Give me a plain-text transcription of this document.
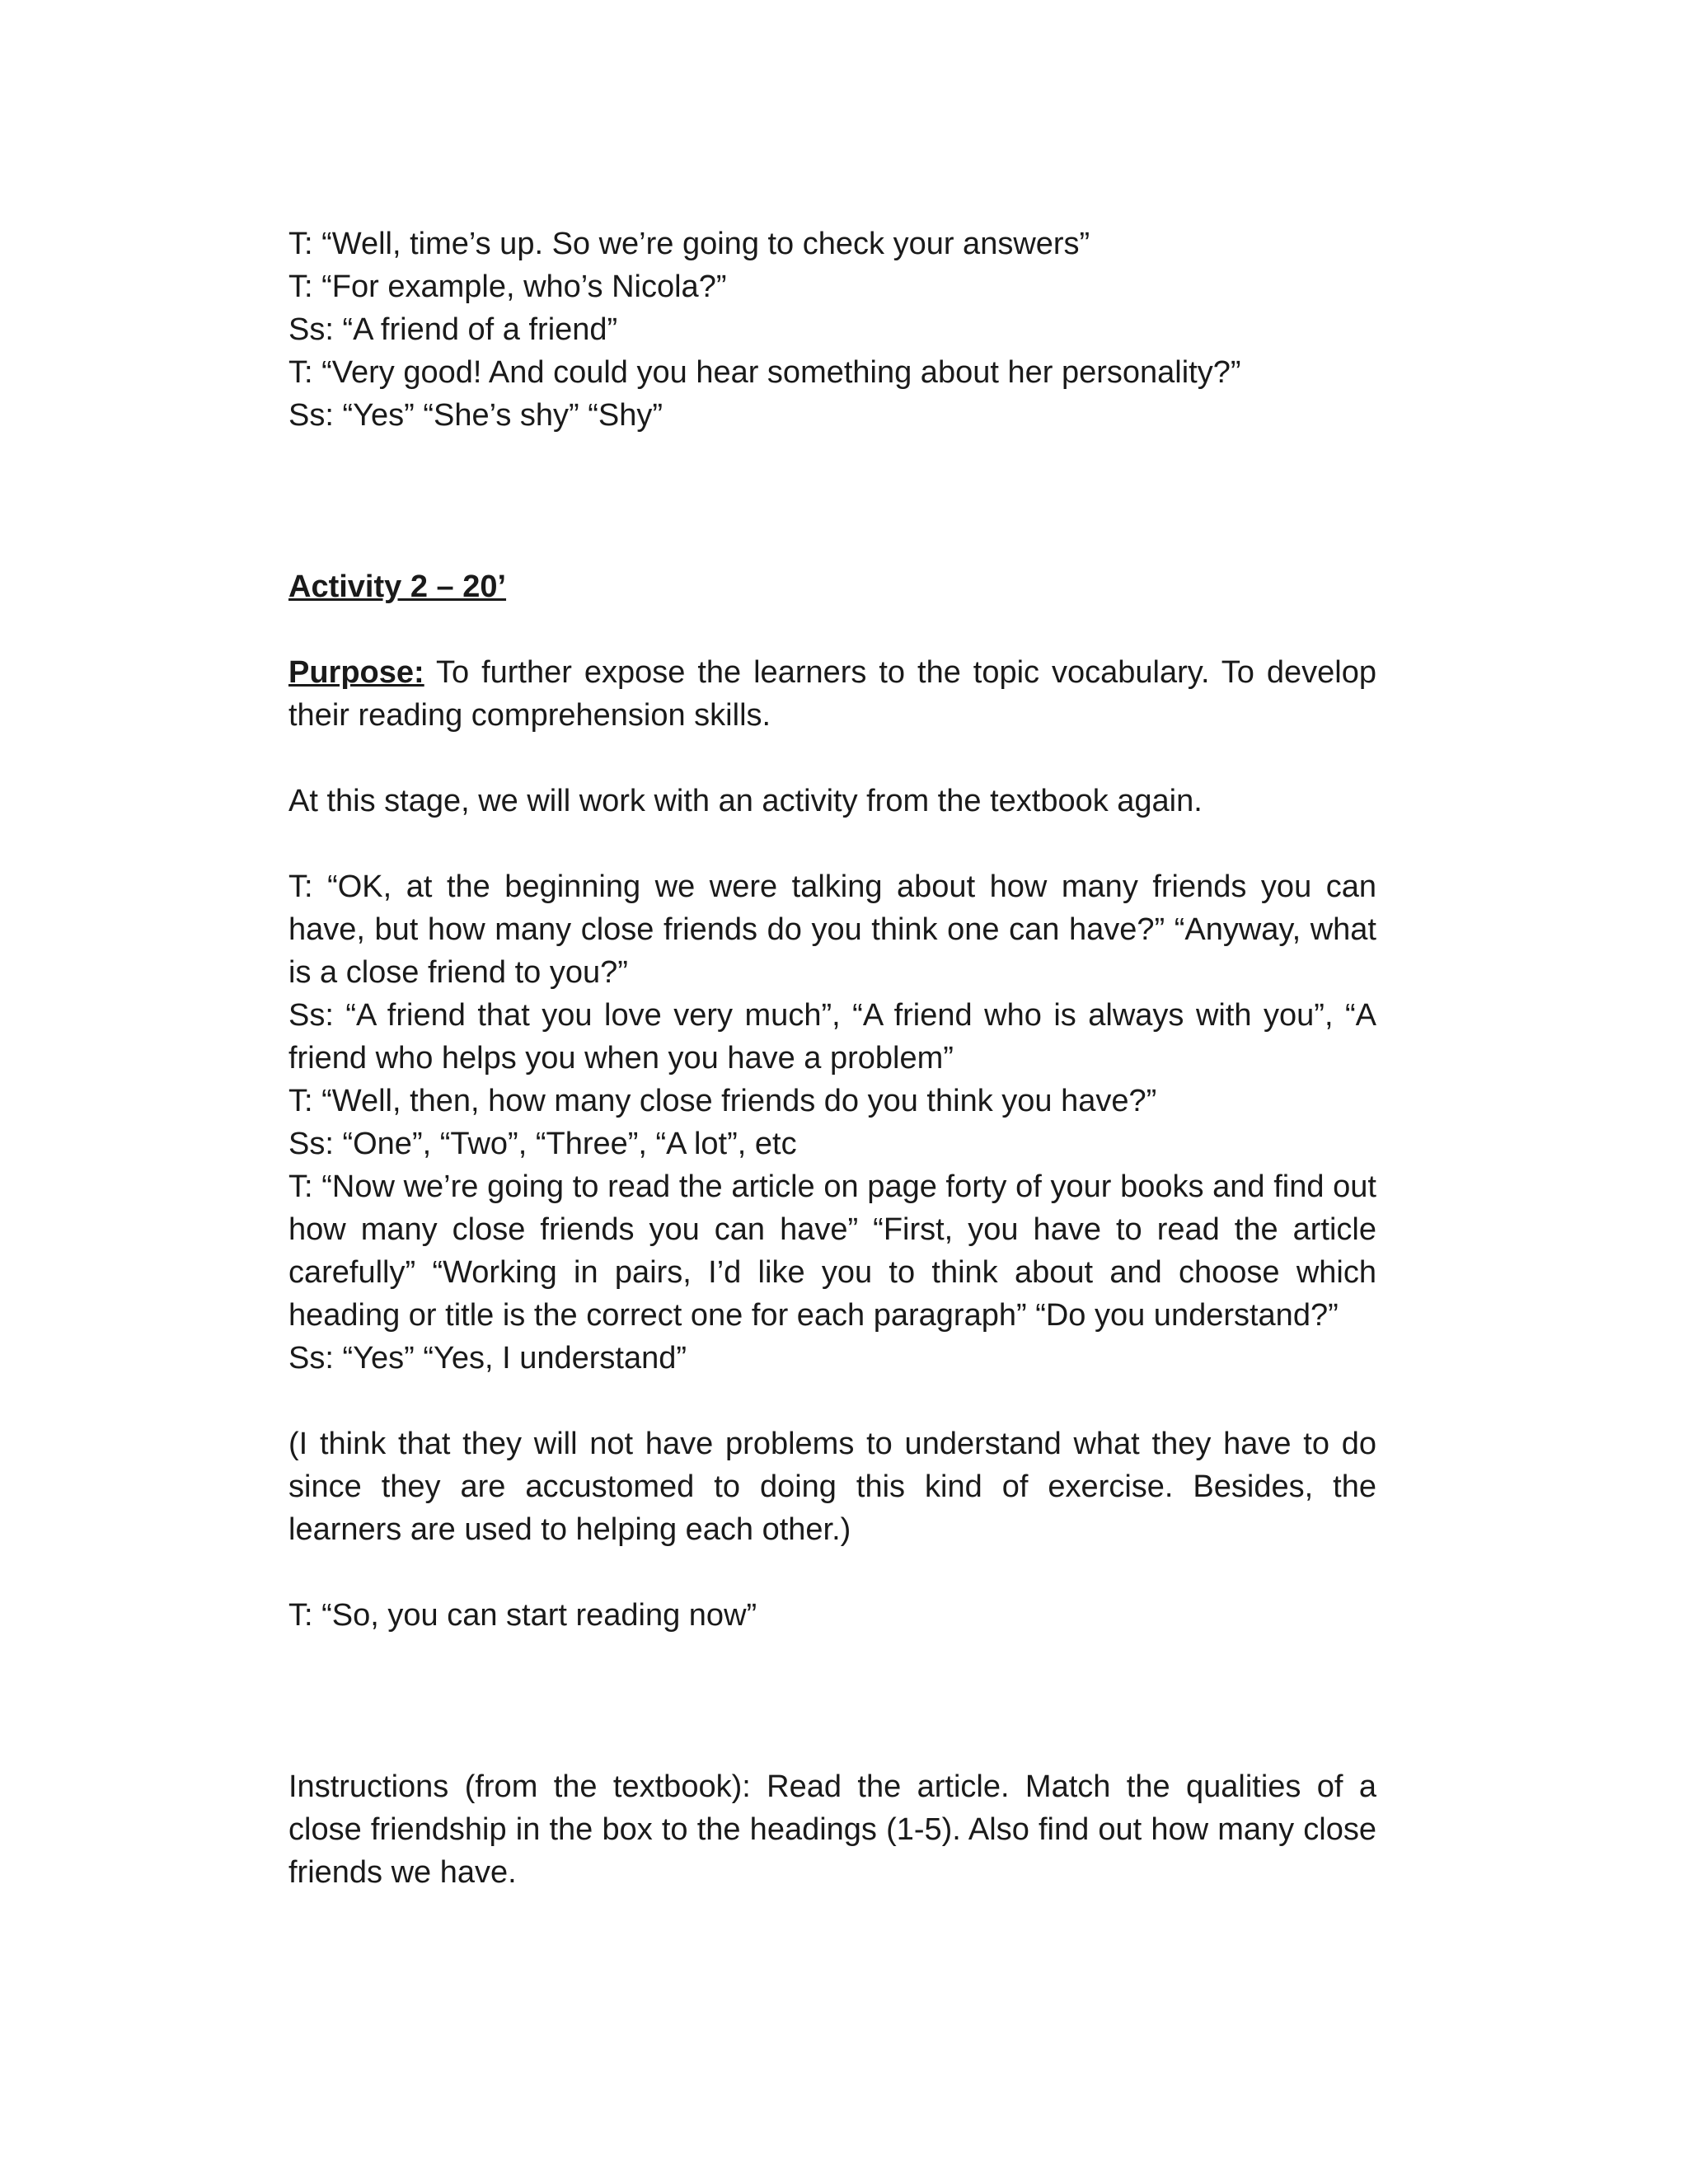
T: “Well, time’s up. So we’re going to check your answers”

T: “For example, who’s Nicola?”

Ss: “A friend of a friend”

T: “Very good! And could you hear something about her personality?”

Ss: “Yes” “She’s shy” “Shy”

Activity 2 – 20’

Purpose: To further expose the learners to the topic vocabulary. To develop their reading comprehension skills.

At this stage, we will work with an activity from the textbook again.

T: “OK, at the beginning we were talking about how many friends you can have, but how many close friends do you think one can have?” “Anyway, what is a close friend to you?”

Ss: “A friend that you love very much”, “A friend who is always with you”, “A friend who helps you when you have a problem”

T: “Well, then, how many close friends do you think you have?”

Ss: “One”, “Two”, “Three”, “A lot”, etc

T: “Now we’re going to read the article on page forty of your books and find out how many close friends you can have” “First, you have to read the article carefully” “Working in pairs, I’d like you to think about and choose which heading or title is the correct one for each paragraph” “Do you understand?”

Ss: “Yes” “Yes, I understand”

(I think that they will not have problems to understand what they have to do since they are accustomed to doing this kind of exercise. Besides, the learners are used to helping each other.)

T: “So, you can start reading now”

Instructions (from the textbook): Read the article. Match the qualities of a close friendship in the box to the headings (1-5). Also find out how many close friends we have.
